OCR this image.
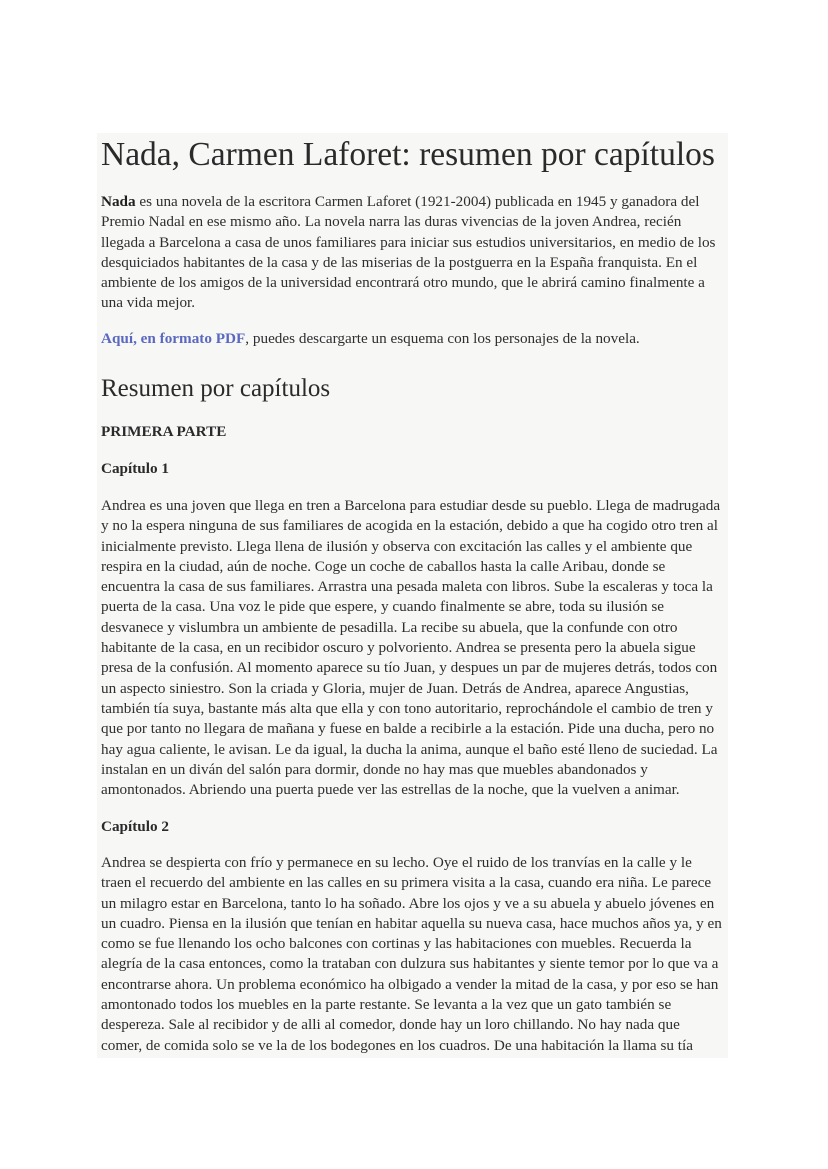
Nada, Carmen Laforet: resumen por capítulos

Nada es una novela de la escritora Carmen Laforet (1921-2004) publicada en 1945 y ganadora del
Premio Nadal en ese mismo año. La novela narra las duras vivencias de la joven Andrea, recién
llegada a Barcelona a casa de unos familiares para iniciar sus estudios universitarios, en medio de los
desquiciados habitantes de la casa y de las miserias de la postguerra en la España franquista. En el
ambiente de los amigos de la universidad encontrará otro mundo, que le abrirá camino finalmente a
una vida mejor.

Aquí, en formato PDF, puedes descargarte un esquema con los personajes de la novela.

Resumen por capítulos
PRIMERA PARTE
Capítulo 1

Andrea es una joven que llega en tren a Barcelona para estudiar desde su pueblo. Llega de madrugada
y no la espera ninguna de sus familiares de acogida en la estación, debido a que ha cogido otro tren al
inicialmente previsto. Llega llena de ilusión y observa con excitación las calles y el ambiente que
respira en la ciudad, aún de noche. Coge un coche de caballos hasta la calle Aribau, donde se
encuentra la casa de sus familiares. Arrastra una pesada maleta con libros. Sube la escaleras y toca la
puerta de la casa. Una voz le pide que espere, y cuando finalmente se abre, toda su ilusión se
desvanece y vislumbra un ambiente de pesadilla. La recibe su abuela, que la confunde con otro
habitante de la casa, en un recibidor oscuro y polvoriento. Andrea se presenta pero la abuela sigue
presa de la confusión. Al momento aparece su tío Juan, y despues un par de mujeres detrás, todos con
un aspecto siniestro. Son la criada y Gloria, mujer de Juan. Detrás de Andrea, aparece Angustias,
también tía suya, bastante más alta que ella y con tono autoritario, reprochándole el cambio de tren y
que por tanto no llegara de mañana y fuese en balde a recibirle a la estación. Pide una ducha, pero no
hay agua caliente, le avisan. Le da igual, la ducha la anima, aunque el baño esté lleno de suciedad. La
instalan en un diván del salón para dormir, donde no hay mas que muebles abandonados y
amontonados. Abriendo una puerta puede ver las estrellas de la noche, que la vuelven a animar.

Capítulo 2

Andrea se despierta con frío y permanece en su lecho. Oye el ruido de los tranvías en la calle y le
traen el recuerdo del ambiente en las calles en su primera visita a la casa, cuando era niña. Le parece
un milagro estar en Barcelona, tanto lo ha soñado. Abre los ojos y ve a su abuela y abuelo jóvenes en
un cuadro. Piensa en la ilusión que tenían en habitar aquella su nueva casa, hace muchos años ya, y en
como se fue llenando los ocho balcones con cortinas y las habitaciones con muebles. Recuerda la
alegría de la casa entonces, como la trataban con dulzura sus habitantes y siente temor por lo que va a
encontrarse ahora. Un problema económico ha olbigado a vender la mitad de la casa, y por eso se han
amontonado todos los muebles en la parte restante. Se levanta a la vez que un gato también se
despereza. Sale al recibidor y de alli al comedor, donde hay un loro chillando. No hay nada que
comer, de comida solo se ve la de los bodegones en los cuadros. De una habitación la llama su tía
